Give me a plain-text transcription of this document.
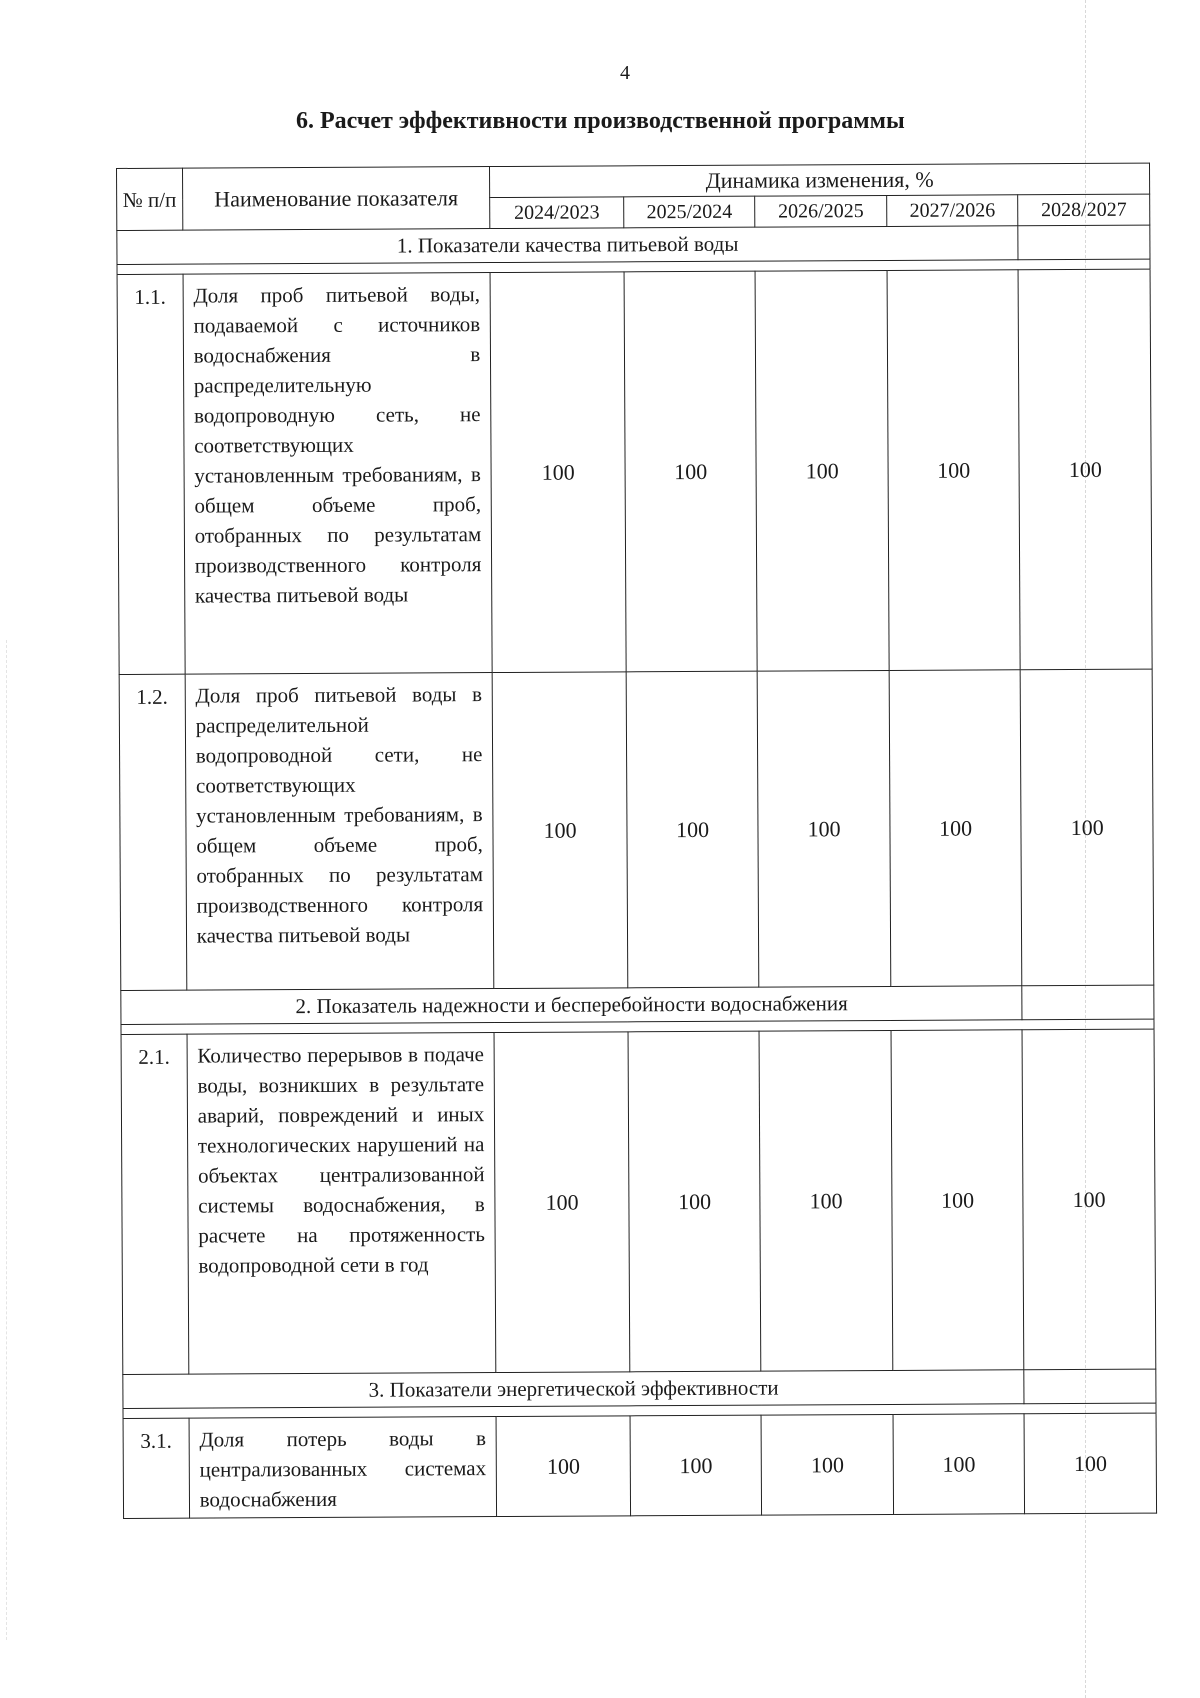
4
6. Расчет эффективности производственной программы
№ п/п	Наименование показателя	Динамика изменения, %				
		2024/2023	2025/2024	2026/2025	2027/2026	2028/2027
1. Показатели качества питьевой воды						

1.1.	Доля проб питьевой воды, подаваемой с источников водоснабжения в распределительную водопроводную сеть, не соответствующих установленным требованиям, в общем объеме проб, отобранных по результатам производственного контроля качества питьевой воды	100	100	100	100	100
1.2.	Доля проб питьевой воды в распределительной водопроводной сети, не соответствующих установленным требованиям, в общем объеме проб, отобранных по результатам производственного контроля качества питьевой воды	100	100	100	100	100
2. Показатель надежности и бесперебойности водоснабжения						

2.1.	Количество перерывов в подаче воды, возникших в результате аварий, повреждений и иных технологических нарушений на объектах централизованной системы водоснабжения, в расчете на протяженность водопроводной сети в год	100	100	100	100	100
3. Показатели энергетической эффективности						

3.1.	Доля потерь воды в централизованных системах водоснабжения	100	100	100	100	100
